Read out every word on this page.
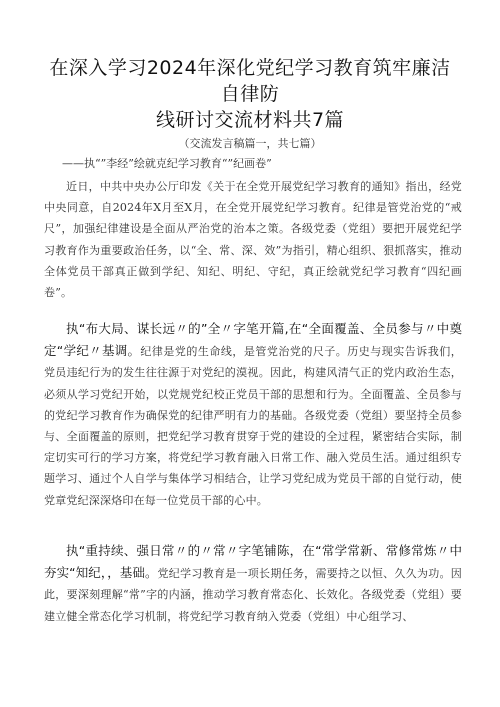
在深入学习2024年深化党纪学习教育筑牢廉洁自律防
线研讨交流材料共7篇
（交流发言稿篇一，共七篇）
——执“”李经”绘就克纪学习教育“”纪画卷”
近日，中共中央办公厅印发《关于在全党开展党纪学习教育的通知》指出，经党中央同意，自2024年X月至X月，在全党开展党纪学习教育。纪律是管党治党的“戒尺”，加强纪律建设是全面从严治党的治本之策。各级党委（党组）要把开展党纪学习教育作为重要政治任务，以“全、常、深、效”为指引，精心组织、狠抓落实，推动全体党员干部真正做到学纪、知纪、明纪、守纪，真正绘就党纪学习教育“四纪画卷”。
执“布大局、谋长远〃的”全〃字笔开篇,在“全面覆盖、全员参与〃中奠定“学纪〃基调。纪律是党的生命线，是管党治党的尺子。历史与现实告诉我们，党员违纪行为的发生往往源于对党纪的漠视。因此，构建风清气正的党内政治生态，必须从学习党纪开始，以党规党纪校正党员干部的思想和行为。全面覆盖、全员参与的党纪学习教育作为确保党的纪律严明有力的基础。各级党委（党组）要坚持全员参与、全面覆盖的原则，把党纪学习教育贯穿于党的建设的全过程，紧密结合实际，制定切实可行的学习方案，将党纪学习教育融入日常工作、融入党员生活。通过组织专题学习、通过个人自学与集体学习相结合，让学习党纪成为党员干部的自觉行动，使党章党纪深深烙印在每一位党员干部的心中。
执“重持续、强日常〃的〃常〃字笔铺陈，在“常学常新、常修常炼〃中夯实“知纪，，基础。党纪学习教育是一项长期任务，需要持之以恒、久久为功。因此，要深刻理解“常”字的内涵，推动学习教育常态化、长效化。各级党委（党组）要建立健全常态化学习机制，将党纪学习教育纳入党委（党组）中心组学习、
